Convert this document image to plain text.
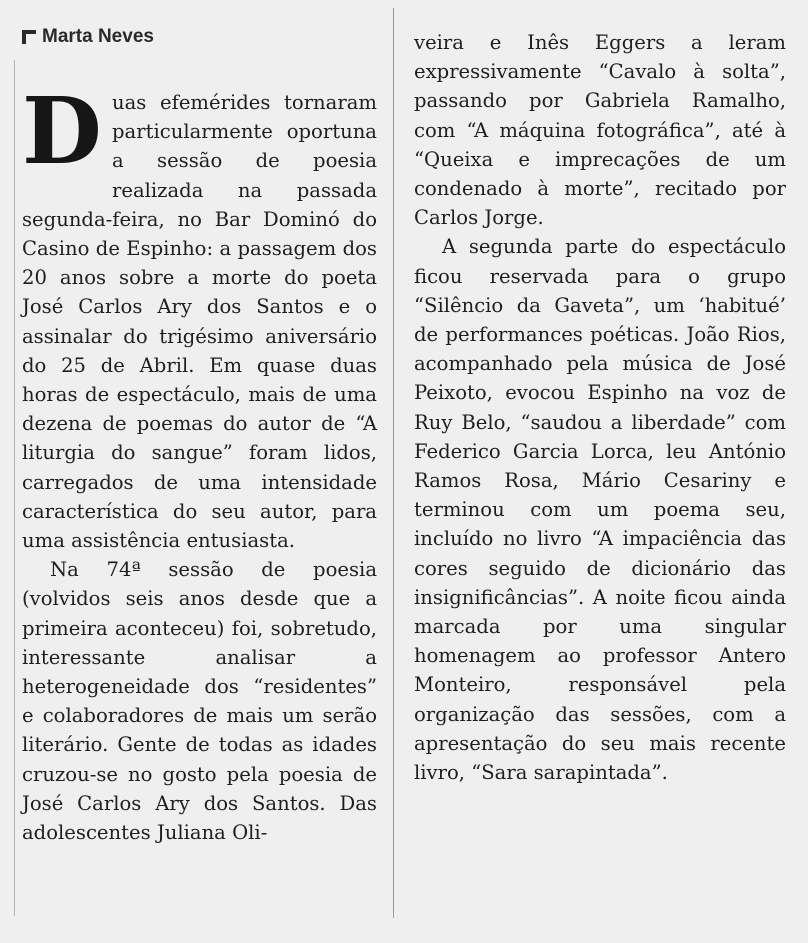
Marta Neves

Duas efemérides tornaram particularmente oportuna a sessão de poesia realizada na passada segunda-feira, no Bar Dominó do Casino de Espinho: a passagem dos 20 anos sobre a morte do poeta José Carlos Ary dos Santos e o assinalar do trigésimo aniversário do 25 de Abril. Em quase duas horas de espectáculo, mais de uma dezena de poemas do autor de “A liturgia do sangue” foram lidos, carregados de uma intensidade característica do seu autor, para uma assistência entusiasta.

Na 74ª sessão de poesia (volvidos seis anos desde que a primeira aconteceu) foi, sobretudo, interessante analisar a heterogeneidade dos “residentes” e colaboradores de mais um serão literário. Gente de todas as idades cruzou-se no gosto pela poesia de José Carlos Ary dos Santos. Das adolescentes Juliana Oli-

veira e Inês Eggers a leram expressivamente “Cavalo à solta”, passando por Gabriela Ramalho, com “A máquina fotográfica”, até à “Queixa e imprecações de um condenado à morte”, recitado por Carlos Jorge.

A segunda parte do espectáculo ficou reservada para o grupo “Silêncio da Gaveta”, um ‘habitué’ de performances poéticas. João Rios, acompanhado pela música de José Peixoto, evocou Espinho na voz de Ruy Belo, “saudou a liberdade” com Federico Garcia Lorca, leu António Ramos Rosa, Mário Cesariny e terminou com um poema seu, incluído no livro “A impaciência das cores seguido de dicionário das insignificâncias”. A noite ficou ainda marcada por uma singular homenagem ao professor Antero Monteiro, responsável pela organização das sessões, com a apresentação do seu mais recente livro, “Sara sarapintada”.
